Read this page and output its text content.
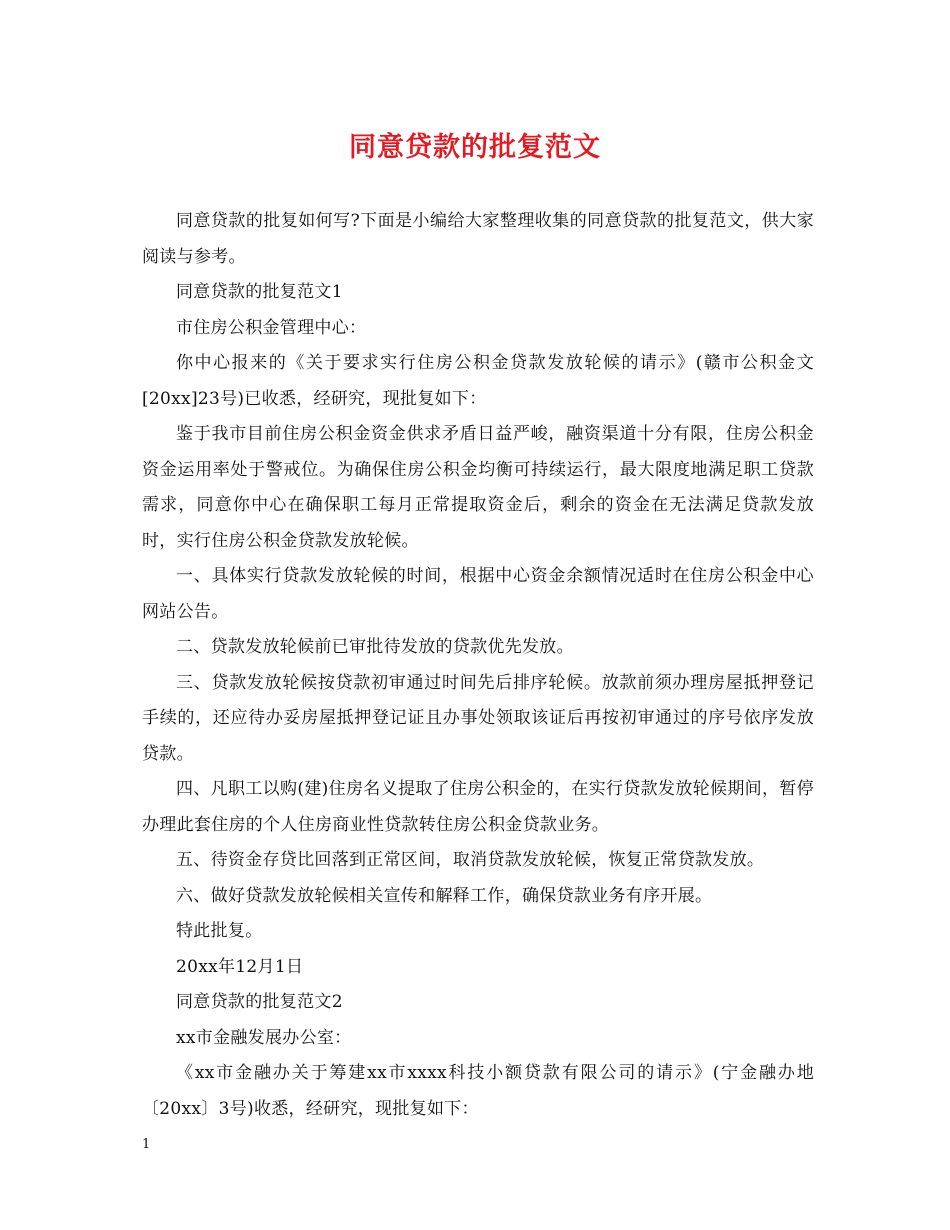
同意贷款的批复范文

同意贷款的批复如何写?下面是小编给大家整理收集的同意贷款的批复范文，供大家阅读与参考。

同意贷款的批复范文1

市住房公积金管理中心：

你中心报来的《关于要求实行住房公积金贷款发放轮候的请示》(赣市公积金文[20xx]23号)已收悉，经研究，现批复如下：

鉴于我市目前住房公积金资金供求矛盾日益严峻，融资渠道十分有限，住房公积金资金运用率处于警戒位。为确保住房公积金均衡可持续运行，最大限度地满足职工贷款需求，同意你中心在确保职工每月正常提取资金后，剩余的资金在无法满足贷款发放时，实行住房公积金贷款发放轮候。

一、具体实行贷款发放轮候的时间，根据中心资金余额情况适时在住房公积金中心网站公告。

二、贷款发放轮候前已审批待发放的贷款优先发放。

三、贷款发放轮候按贷款初审通过时间先后排序轮候。放款前须办理房屋抵押登记手续的，还应待办妥房屋抵押登记证且办事处领取该证后再按初审通过的序号依序发放贷款。

四、凡职工以购(建)住房名义提取了住房公积金的，在实行贷款发放轮候期间，暂停办理此套住房的个人住房商业性贷款转住房公积金贷款业务。

五、待资金存贷比回落到正常区间，取消贷款发放轮候，恢复正常贷款发放。

六、做好贷款发放轮候相关宣传和解释工作，确保贷款业务有序开展。

特此批复。

20xx年12月1日

同意贷款的批复范文2

xx市金融发展办公室：

《xx市金融办关于筹建xx市xxxx科技小额贷款有限公司的请示》(宁金融办地〔20xx〕3号)收悉，经研究，现批复如下：

1
